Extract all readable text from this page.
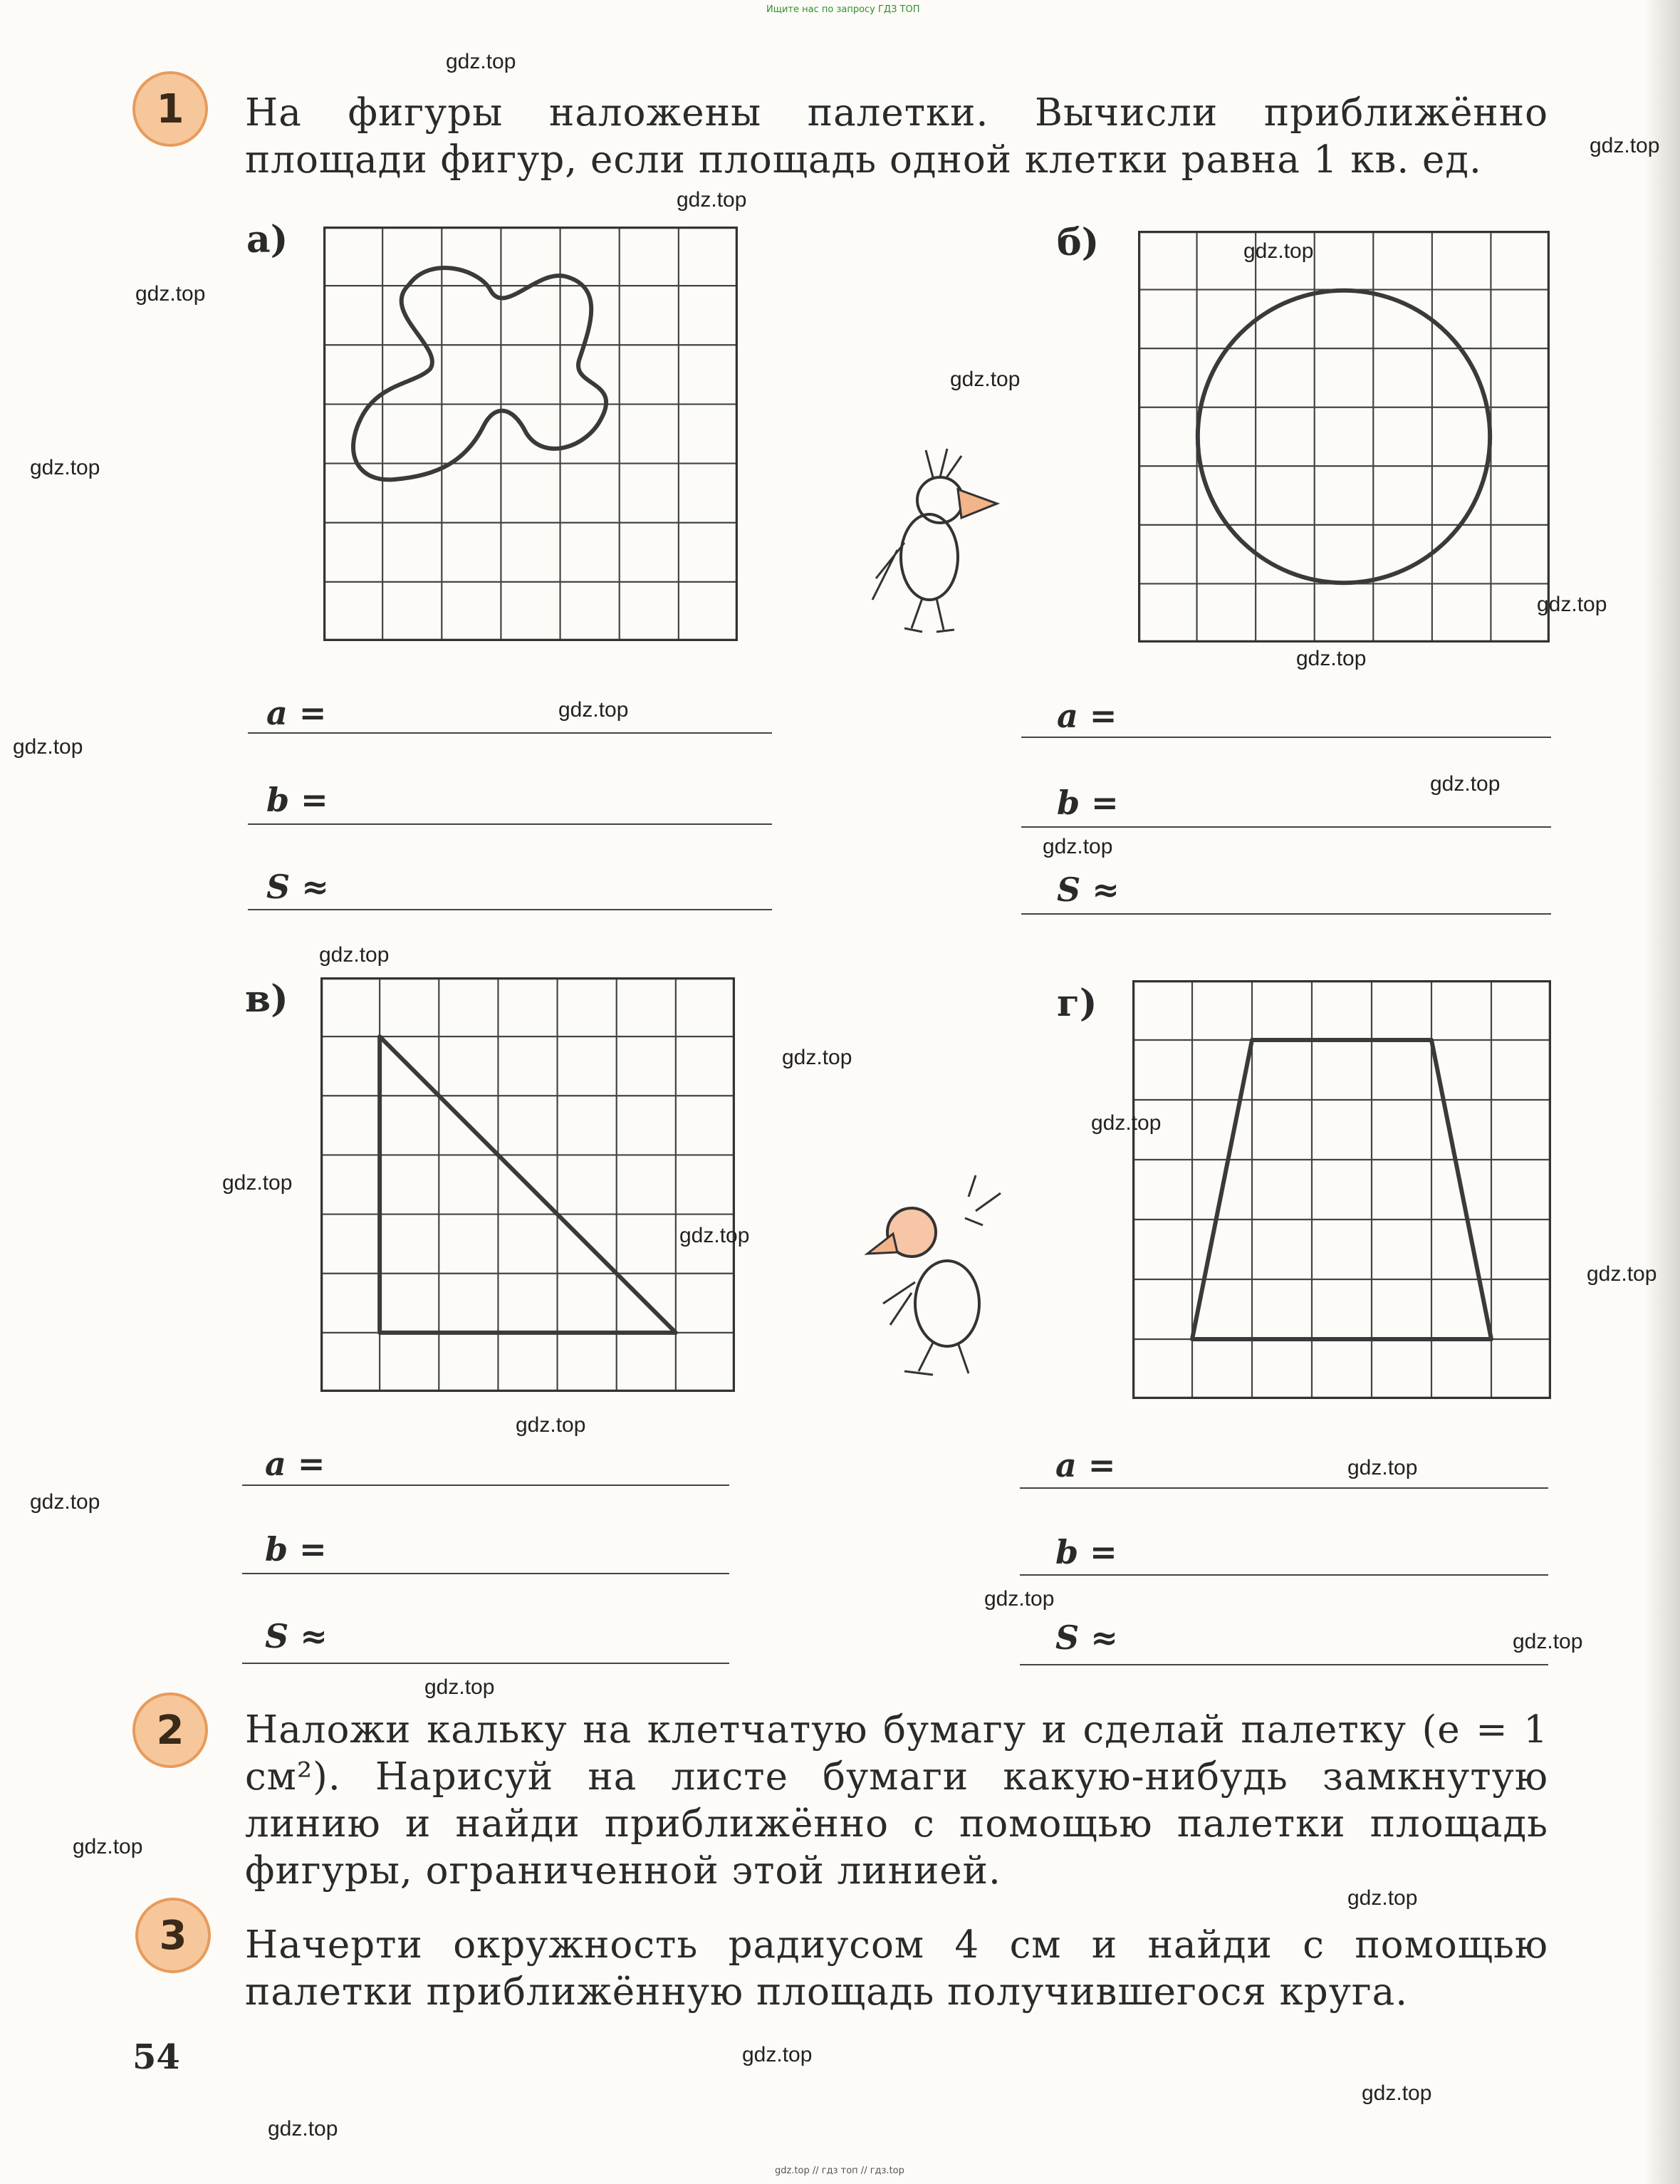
Ищите нас по запросу ГДЗ ТОП
1	На фигуры наложены палетки. Вычисли приближённо площади фигур, если площадь одной клетки равна 1 кв. ед.
а)	б)
в)	г)
a =
b =
S ≈
a =
b =
S ≈
a =
b =
S ≈
a =
b =
S ≈
2	Наложи кальку на клетчатую бумагу и сделай палетку (e = 1 см²). Нарисуй на листе бумаги какую-нибудь замкнутую линию и найди приближённо с помощью палетки площадь фигуры, ограниченной этой линией.
3	Начерти окружность радиусом 4 см и найди с помощью палетки приближённую площадь получившегося круга.
54
gdz.top
gdz.top
gdz.top
gdz.top
gdz.top
gdz.top
gdz.top
gdz.top
gdz.top
gdz.top
gdz.top
gdz.top
gdz.top
gdz.top
gdz.top
gdz.top
gdz.top
gdz.top
gdz.top
gdz.top
gdz.top
gdz.top
gdz.top
gdz.top
gdz.top
gdz.top
gdz.top
gdz.top
gdz.top
gdz.top
gdz.top // гдз топ // гдз.top
